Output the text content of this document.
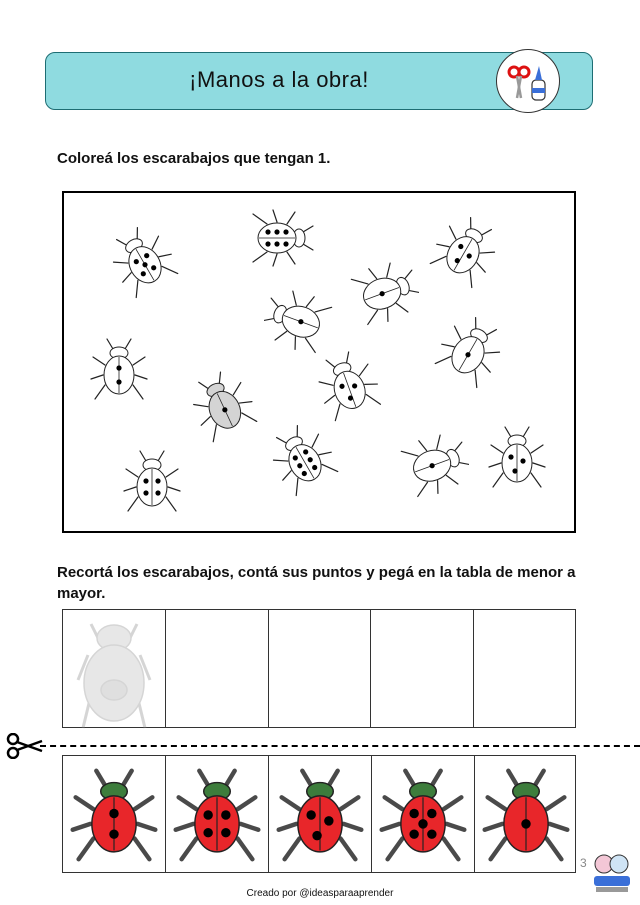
¡Manos a la obra!
Coloreá los escarabajos que tengan 1.
Recortá los escarabajos, contá sus puntos y pegá en la tabla de menor a mayor.
3
Creado por @ideasparaaprender
